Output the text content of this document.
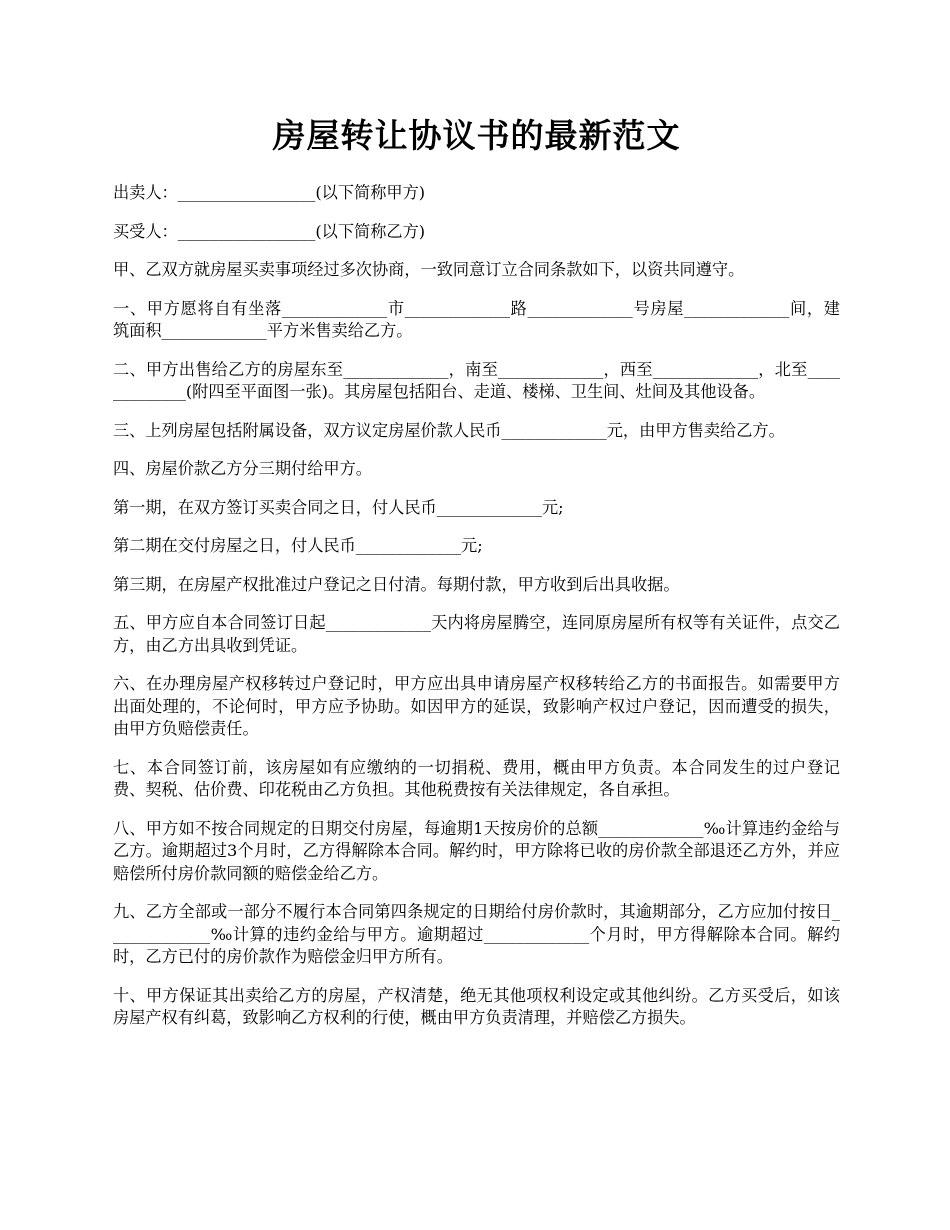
房屋转让协议书的最新范文

出卖人：_________________(以下简称甲方)

买受人：_________________(以下简称乙方)

甲、乙双方就房屋买卖事项经过多次协商，一致同意订立合同条款如下，以资共同遵守。

一、甲方愿将自有坐落_____________市_____________路_____________号房屋_____________间，建筑面积_____________平方米售卖给乙方。

二、甲方出售给乙方的房屋东至_____________，南至_____________，西至_____________，北至_____________(附四至平面图一张)。其房屋包括阳台、走道、楼梯、卫生间、灶间及其他设备。

三、上列房屋包括附属设备，双方议定房屋价款人民币_____________元，由甲方售卖给乙方。

四、房屋价款乙方分三期付给甲方。

第一期，在双方签订买卖合同之日，付人民币_____________元;

第二期在交付房屋之日，付人民币_____________元;

第三期，在房屋产权批准过户登记之日付清。每期付款，甲方收到后出具收据。

五、甲方应自本合同签订日起_____________天内将房屋腾空，连同原房屋所有权等有关证件，点交乙方，由乙方出具收到凭证。

六、在办理房屋产权移转过户登记时，甲方应出具申请房屋产权移转给乙方的书面报告。如需要甲方出面处理的，不论何时，甲方应予协助。如因甲方的延误，致影响产权过户登记，因而遭受的损失，由甲方负赔偿责任。

七、本合同签订前，该房屋如有应缴纳的一切捐税、费用，概由甲方负责。本合同发生的过户登记费、契税、估价费、印花税由乙方负担。其他税费按有关法律规定，各自承担。

八、甲方如不按合同规定的日期交付房屋，每逾期1天按房价的总额_____________‰计算违约金给与乙方。逾期超过3个月时，乙方得解除本合同。解约时，甲方除将已收的房价款全部退还乙方外，并应赔偿所付房价款同额的赔偿金给乙方。

九、乙方全部或一部分不履行本合同第四条规定的日期给付房价款时，其逾期部分，乙方应加付按日_____________‰计算的违约金给与甲方。逾期超过_____________个月时，甲方得解除本合同。解约时，乙方已付的房价款作为赔偿金归甲方所有。

十、甲方保证其出卖给乙方的房屋，产权清楚，绝无其他项权利设定或其他纠纷。乙方买受后，如该房屋产权有纠葛，致影响乙方权利的行使，概由甲方负责清理，并赔偿乙方损失。
